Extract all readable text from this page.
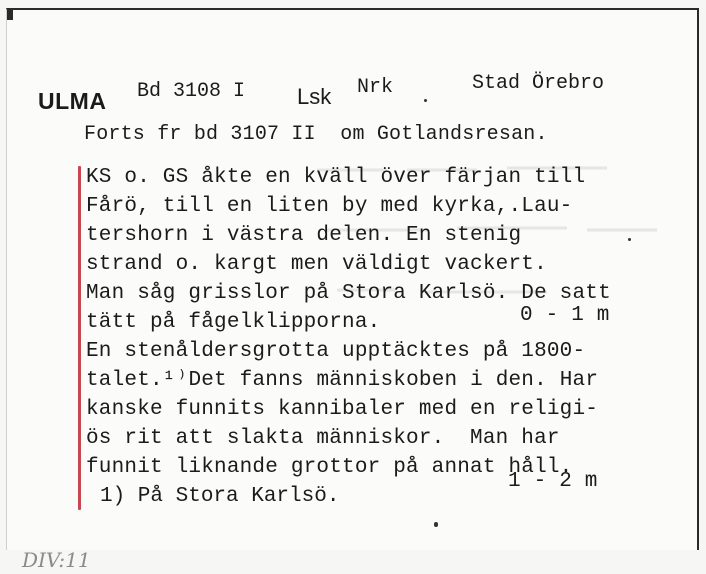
ULMA Bd 3108 I Lsk Nrk	Stad Örebro
Forts fr bd 3107 II  om Gotlandsresan.
KS o. GS åkte en kväll över färjan till
Fårö, till en liten by med kyrka,.Lau-
tershorn i västra delen. En stenig
strand o. kargt men väldigt vackert.
Man såg grisslor på Stora Karlsö. De satt
tätt på fågelklipporna.	0 - 1 m
En stenåldersgrotta upptäcktes på 1800-
talet.¹⁾Det fanns människoben i den. Har
kanske funnits kannibaler med en religi-
ös rit att slakta människor.  Man har
funnit liknande grottor på annat håll.
1 - 2 m
1) På Stora Karlsö.
DIV:11
